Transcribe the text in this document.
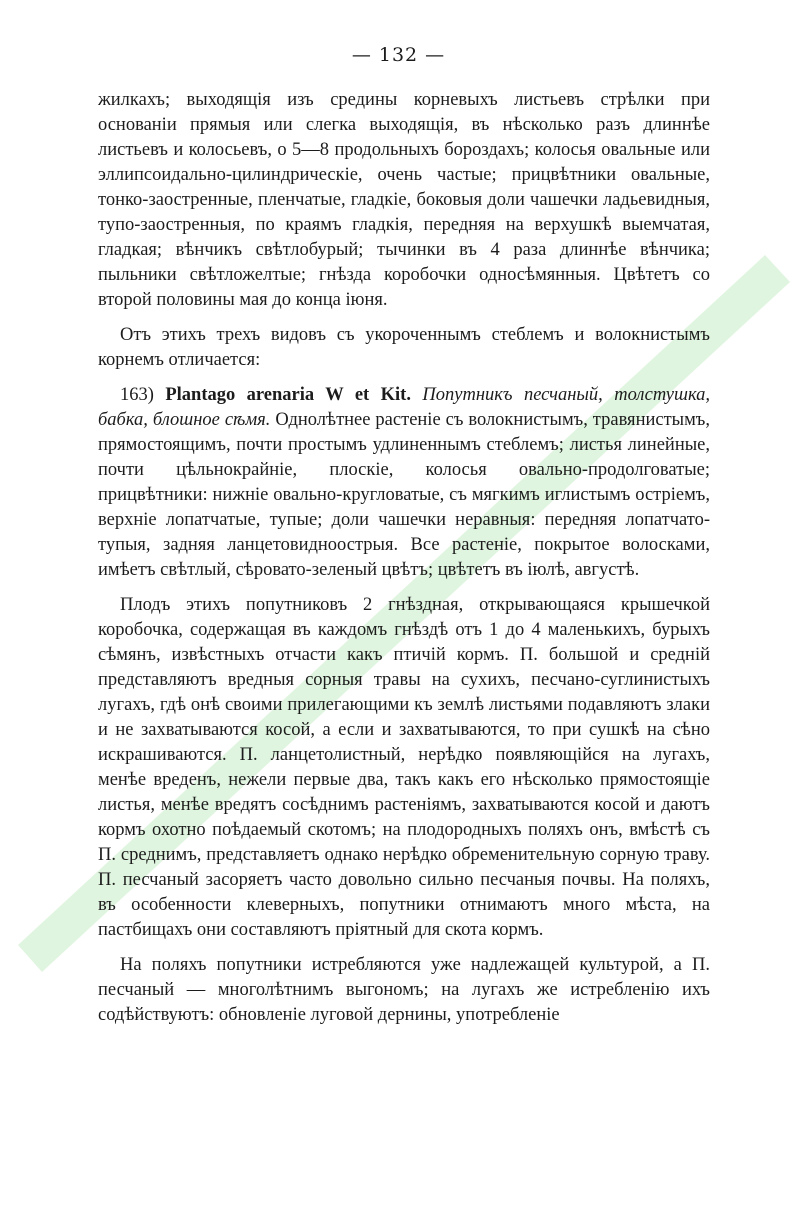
— 132 —

жилкахъ; выходящія изъ средины корневыхъ листьевъ стрѣлки при основаніи прямыя или слегка выходящія, въ нѣсколько разъ длиннѣе листьевъ и колосьевъ, о 5—8 продольныхъ бороздахъ; колосья овальные или эллипсоидально-цилиндрическіе, очень частые; прицвѣтники овальные, тонко-заостренные, пленчатые, гладкіе, боковыя доли чашечки ладьевидныя, тупо-заостренныя, по краямъ гладкія, передняя на верхушкѣ выемчатая, гладкая; вѣнчикъ свѣтлобурый; тычинки въ 4 раза длиннѣе вѣнчика; пыльники свѣтложелтые; гнѣзда коробочки односѣмянныя. Цвѣтетъ со второй половины мая до конца іюня.

Отъ этихъ трехъ видовъ съ укороченнымъ стеблемъ и волокнистымъ корнемъ отличается:

163) Plantago arenaria W et Kit. Попутникъ песчаный, толстушка, бабка, блошное сѣмя. Однолѣтнее растеніе съ волокнистымъ, травянистымъ, прямостоящимъ, почти простымъ удлиненнымъ стеблемъ; листья линейные, почти цѣльнокрайніе, плоскіе, колосья овально-продолговатые; прицвѣтники: нижніе овально-кругловатые, съ мягкимъ иглистымъ остріемъ, верхніе лопатчатые, тупые; доли чашечки неравныя: передняя лопатчато-тупыя, задняя ланцетовидноострыя. Все растеніе, покрытое волосками, имѣетъ свѣтлый, сѣровато-зеленый цвѣтъ; цвѣтетъ въ іюлѣ, августѣ.

Плодъ этихъ попутниковъ 2 гнѣздная, открывающаяся крышечкой коробочка, содержащая въ каждомъ гнѣздѣ отъ 1 до 4 маленькихъ, бурыхъ сѣмянъ, извѣстныхъ отчасти какъ птичій кормъ. П. большой и средній представляютъ вредныя сорныя травы на сухихъ, песчано-суглинистыхъ лугахъ, гдѣ онѣ своими прилегающими къ землѣ листьями подавляютъ злаки и не захватываются косой, а если и захватываются, то при сушкѣ на сѣно искрашиваются. П. ланцетолистный, нерѣдко появляющійся на лугахъ, менѣе вреденъ, нежели первые два, такъ какъ его нѣсколько прямостоящіе листья, менѣе вредятъ сосѣднимъ растеніямъ, захватываются косой и даютъ кормъ охотно поѣдаемый скотомъ; на плодородныхъ поляхъ онъ, вмѣстѣ съ П. среднимъ, представляетъ однако нерѣдко обременительную сорную траву. П. песчаный засоряетъ часто довольно сильно песчаныя почвы. На поляхъ, въ особенности клеверныхъ, попутники отнимаютъ много мѣста, на пастбищахъ они составляютъ пріятный для скота кормъ.

На поляхъ попутники истребляются уже надлежащей культурой, а П. песчаный — многолѣтнимъ выгономъ; на лугахъ же истребленію ихъ содѣйствуютъ: обновленіе луговой дернины, употребленіе
